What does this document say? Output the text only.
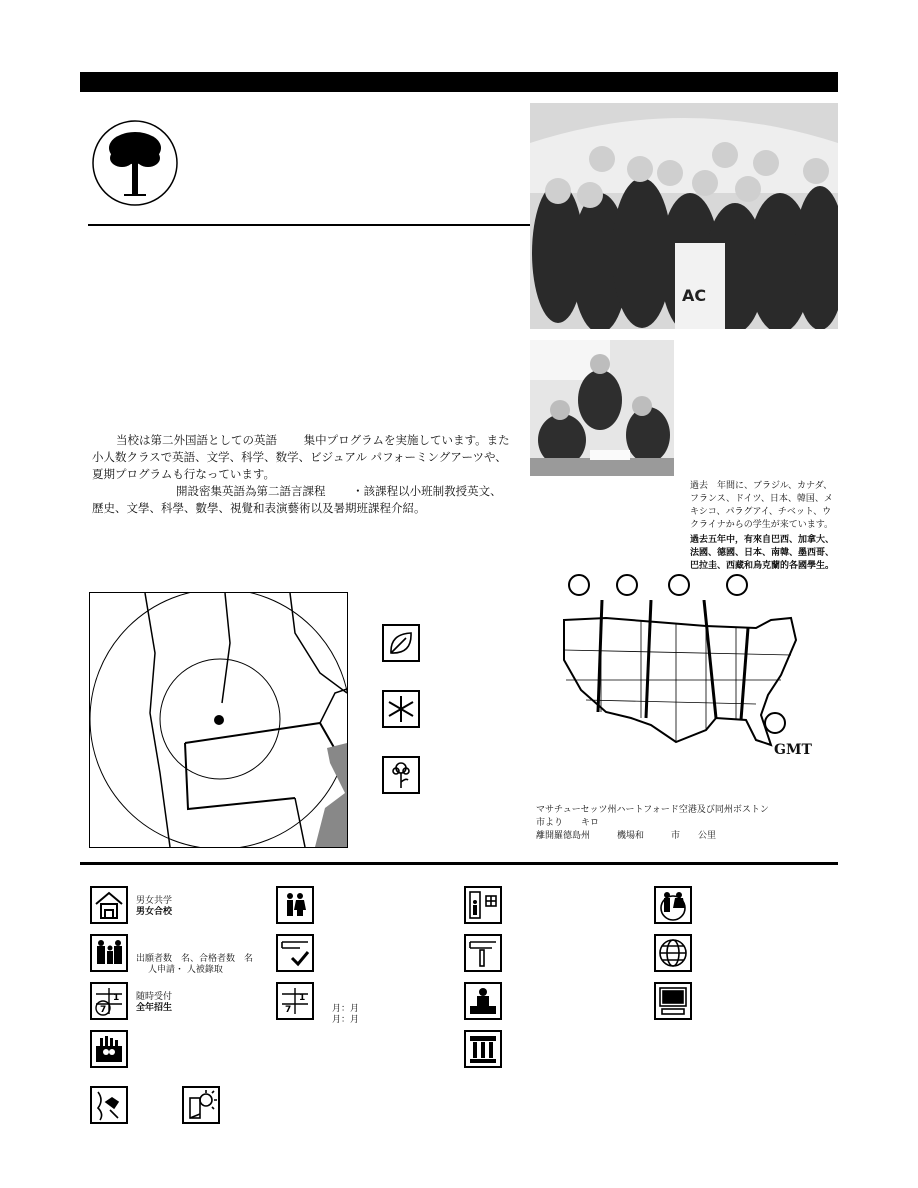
AC
当校は第二外国語としての英語 　　集中プログラムを実施しています。また小人数クラスで英語、文学、科学、数学、ビジュアル パフォーミングアーツや、夏期プログラムも行なっています。
開設密集英語為第二語言課程 　　・該課程以小班制教授英文、歷史、文學、科學、數學、視覺和表演藝術以及暑期班課程介紹。
過去　年間に、ブラジル、カナダ、フランス、ドイツ、日本、韓国、メキシコ、パラグアイ、チベット、ウクライナからの学生が来ています。
過去五年中，有來自巴西、加拿大、法國、德國、日本、南韓、墨西哥、巴拉圭、西藏和烏克蘭的各國學生。
GMT
マサチューセッツ州ハートフォード空港及び同州ボストン
市より　　キロ
離開羅德島州　　　機場和　　　市　　公里
男女共学
男女合校
出願者数　名、合格者数　名
人申請・ 人被錄取
1
7
随時受付
全年招生
1
7	月：月
月：月
